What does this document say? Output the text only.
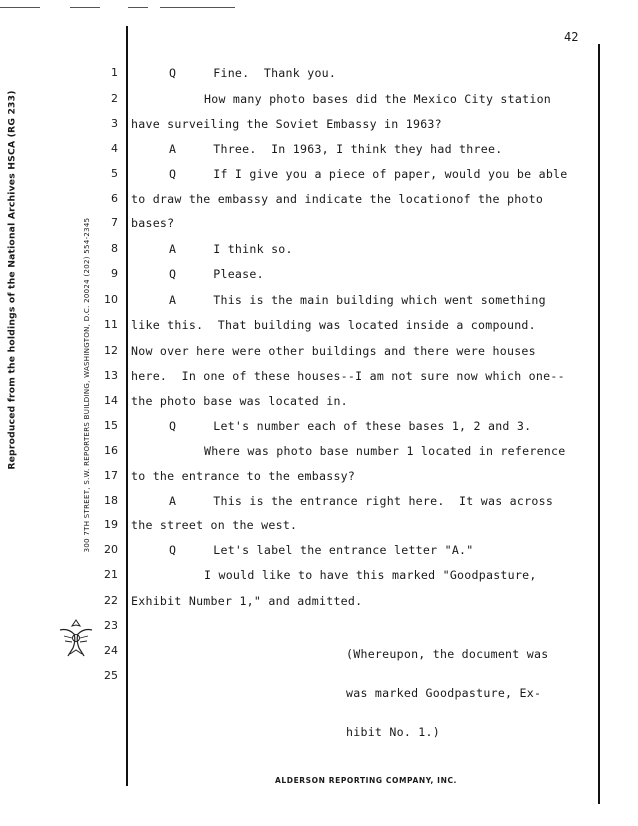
Reproduced from the holdings of the National Archives HSCA (RG 233)	300 7TH STREET, S.W. REPORTERS BUILDING, WASHINGTON, D.C. 20024 (202) 554-2345
42
1
2
3
4
5
6
7
8
9
10
11
12
13
14
15
16
17
18
19
20
21
22
23
24
25
Q	Fine.  Thank you.
How many photo bases did the Mexico City station
have surveiling the Soviet Embassy in 1963?
A	Three.  In 1963, I think they had three.
Q	If I give you a piece of paper, would you be able
to draw the embassy and indicate the locationof the photo
bases?
A	I think so.
Q	Please.
A	This is the main building which went something
like this.  That building was located inside a compound.
Now over here were other buildings and there were houses
here.  In one of these houses--I am not sure now which one--
the photo base was located in.
Q	Let's number each of these bases 1, 2 and 3.
Where was photo base number 1 located in reference
to the entrance to the embassy?
A	This is the entrance right here.  It was across
the street on the west.
Q	Let's label the entrance letter "A."
I would like to have this marked "Goodpasture,
Exhibit Number 1," and admitted.

(Whereupon, the document was

was marked Goodpasture, Ex-

hibit No. 1.)

ALDERSON REPORTING COMPANY, INC.
